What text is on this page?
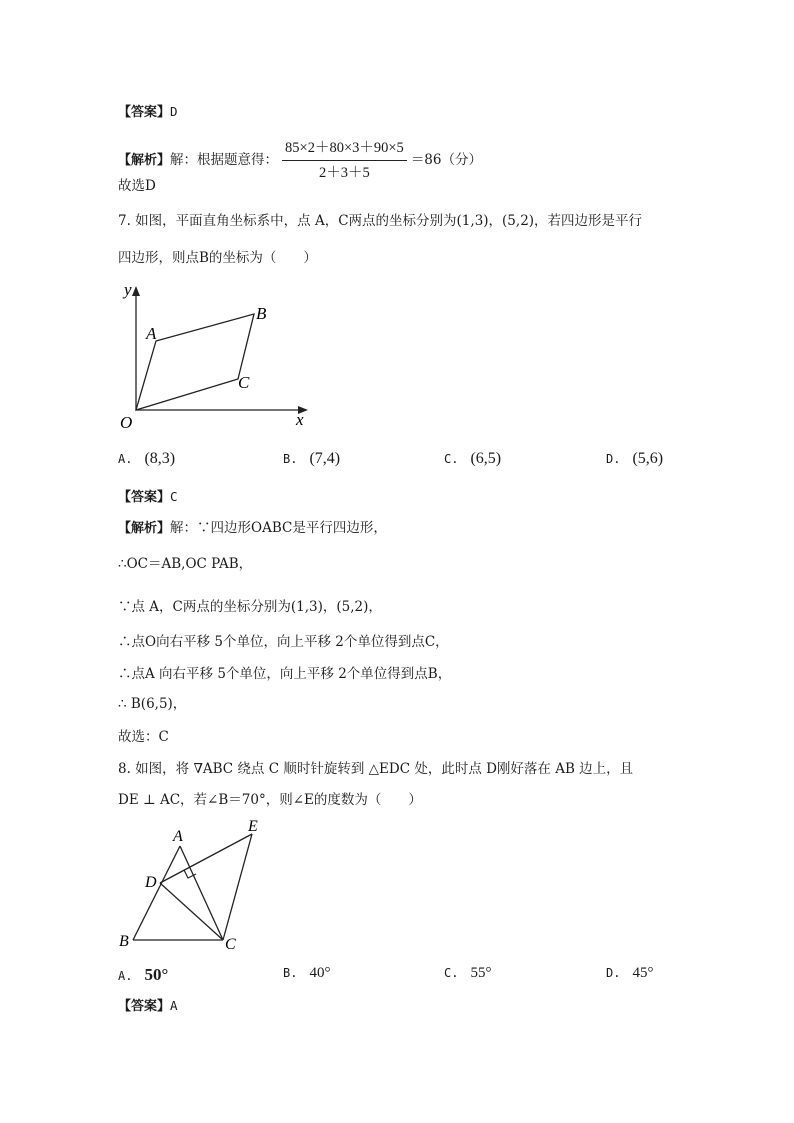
【答案】D
【解析】解：根据题意得： $\frac{85\times 2+80\times 3+90\times 5}{2+3+5} =86$（分）
故选D
7. 如图，平面直角坐标系中，点 A，C两点的坐标分别为(1,3)，(5,2)，若四边形是平行
四边形，则点B的坐标为（　　）
y
x
O
A
B
C
A. (8,3)	B. (7,4)	C. (6,5)	D. (5,6)
【答案】C
【解析】解：∵四边形OABC是平行四边形，
∴OC＝AB,OC PAB，
∵点 A，C两点的坐标分别为(1,3)，(5,2)，
∴点O向右平移 5个单位，向上平移 2个单位得到点C，
∴点A 向右平移 5个单位，向上平移 2个单位得到点B，
∴ B(6,5)，
故选：C
8. 如图，将 ∇ABC 绕点 C 顺时针旋转到 △EDC 处，此时点 D刚好落在 AB 边上，且
DE ⊥ AC，若∠B＝70°，则∠E的度数为（　　）
A
E
D
B	C
A. 50°	B. 40°	C. 55°	D. 45°
【答案】A
